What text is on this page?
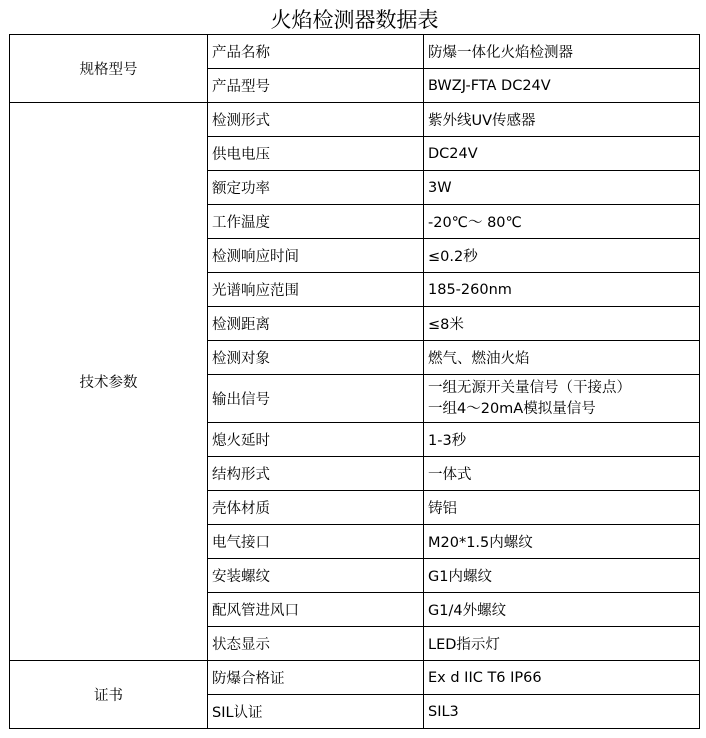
火焰检测器数据表		
规格型号	产品名称	防爆一体化火焰检测器
	产品型号	BWZJ-FTA DC24V
技术参数	检测形式	紫外线UV传感器
	供电电压	DC24V
	额定功率	3W
	工作温度	-20℃～ 80℃
	检测响应时间	≤0.2秒
	光谱响应范围	185-260nm
	检测距离	≤8米
	检测对象	燃气、燃油火焰
	输出信号	一组无源开关量信号（干接点）
一组4～20mA模拟量信号

	熄火延时	1-3秒
	结构形式	一体式
	壳体材质	铸铝
	电气接口	M20*1.5内螺纹
	安装螺纹	G1内螺纹
	配风管进风口	G1/4外螺纹
	状态显示	LED指示灯
证书	防爆合格证	Ex d IIC T6 IP66
	SIL认证	SIL3
